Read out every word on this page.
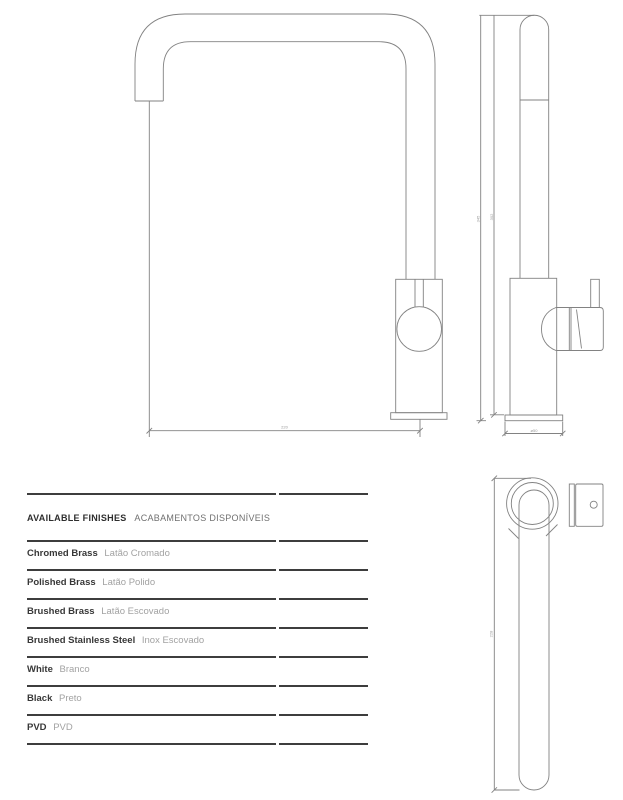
220
345 302
ø50
228
AVAILABLE FINISHES ACABAMENTOS DISPONÍVEIS
Chromed Brass Latão Cromado
Polished Brass Latão Polido
Brushed Brass Latão Escovado
Brushed Stainless Steel Inox Escovado
White Branco
Black Preto
PVD PVD
